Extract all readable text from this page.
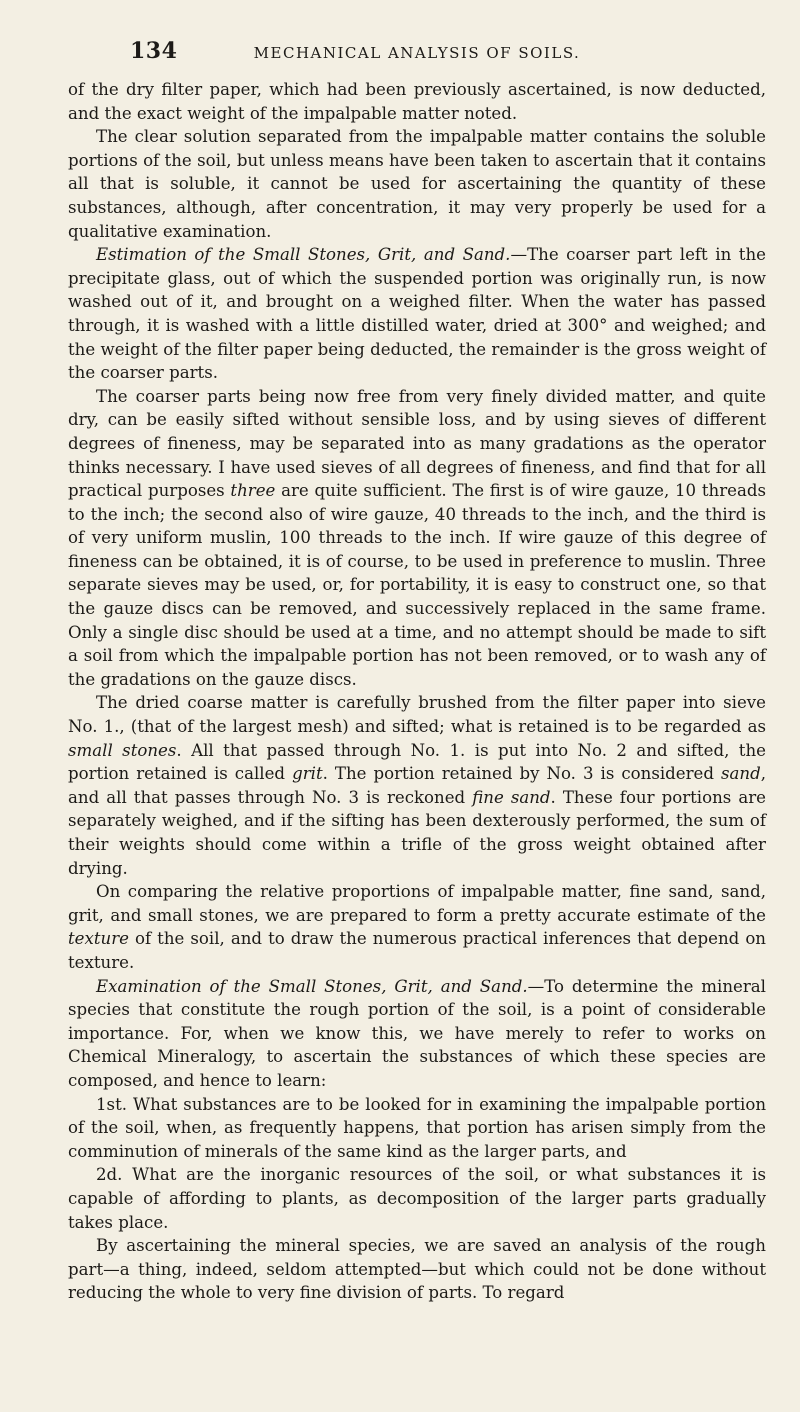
134	MECHANICAL ANALYSIS OF SOILS.

of the dry filter paper, which had been previously ascertained, is now deducted, and the exact weight of the impalpable matter noted.

The clear solution separated from the impalpable matter contains the soluble portions of the soil, but unless means have been taken to ascertain that it contains all that is soluble, it cannot be used for ascertaining the quantity of these substances, although, after concentration, it may very properly be used for a qualitative examination.

Estimation of the Small Stones, Grit, and Sand.—The coarser part left in the precipitate glass, out of which the suspended portion was originally run, is now washed out of it, and brought on a weighed filter. When the water has passed through, it is washed with a little distilled water, dried at 300° and weighed; and the weight of the filter paper being deducted, the remainder is the gross weight of the coarser parts.

The coarser parts being now free from very finely divided matter, and quite dry, can be easily sifted without sensible loss, and by using sieves of different degrees of fineness, may be separated into as many gradations as the operator thinks necessary. I have used sieves of all degrees of fineness, and find that for all practical purposes three are quite sufficient. The first is of wire gauze, 10 threads to the inch; the second also of wire gauze, 40 threads to the inch, and the third is of very uniform muslin, 100 threads to the inch. If wire gauze of this degree of fineness can be obtained, it is of course, to be used in preference to muslin. Three separate sieves may be used, or, for portability, it is easy to construct one, so that the gauze discs can be removed, and successively replaced in the same frame. Only a single disc should be used at a time, and no attempt should be made to sift a soil from which the impalpable portion has not been removed, or to wash any of the gradations on the gauze discs.

The dried coarse matter is carefully brushed from the filter paper into sieve No. 1., (that of the largest mesh) and sifted; what is retained is to be regarded as small stones. All that passed through No. 1. is put into No. 2 and sifted, the portion retained is called grit. The portion retained by No. 3 is considered sand, and all that passes through No. 3 is reckoned fine sand. These four portions are separately weighed, and if the sifting has been dexterously performed, the sum of their weights should come within a trifle of the gross weight obtained after drying.

On comparing the relative proportions of impalpable matter, fine sand, sand, grit, and small stones, we are prepared to form a pretty accurate estimate of the texture of the soil, and to draw the numerous practical inferences that depend on texture.

Examination of the Small Stones, Grit, and Sand.—To determine the mineral species that constitute the rough portion of the soil, is a point of considerable importance. For, when we know this, we have merely to refer to works on Chemical Mineralogy, to ascertain the substances of which these species are composed, and hence to learn:

1st. What substances are to be looked for in examining the impalpable portion of the soil, when, as frequently happens, that portion has arisen simply from the comminution of minerals of the same kind as the larger parts, and

2d. What are the inorganic resources of the soil, or what substances it is capable of affording to plants, as decomposition of the larger parts gradually takes place.

By ascertaining the mineral species, we are saved an analysis of the rough part—a thing, indeed, seldom attempted—but which could not be done without reducing the whole to very fine division of parts. To regard
